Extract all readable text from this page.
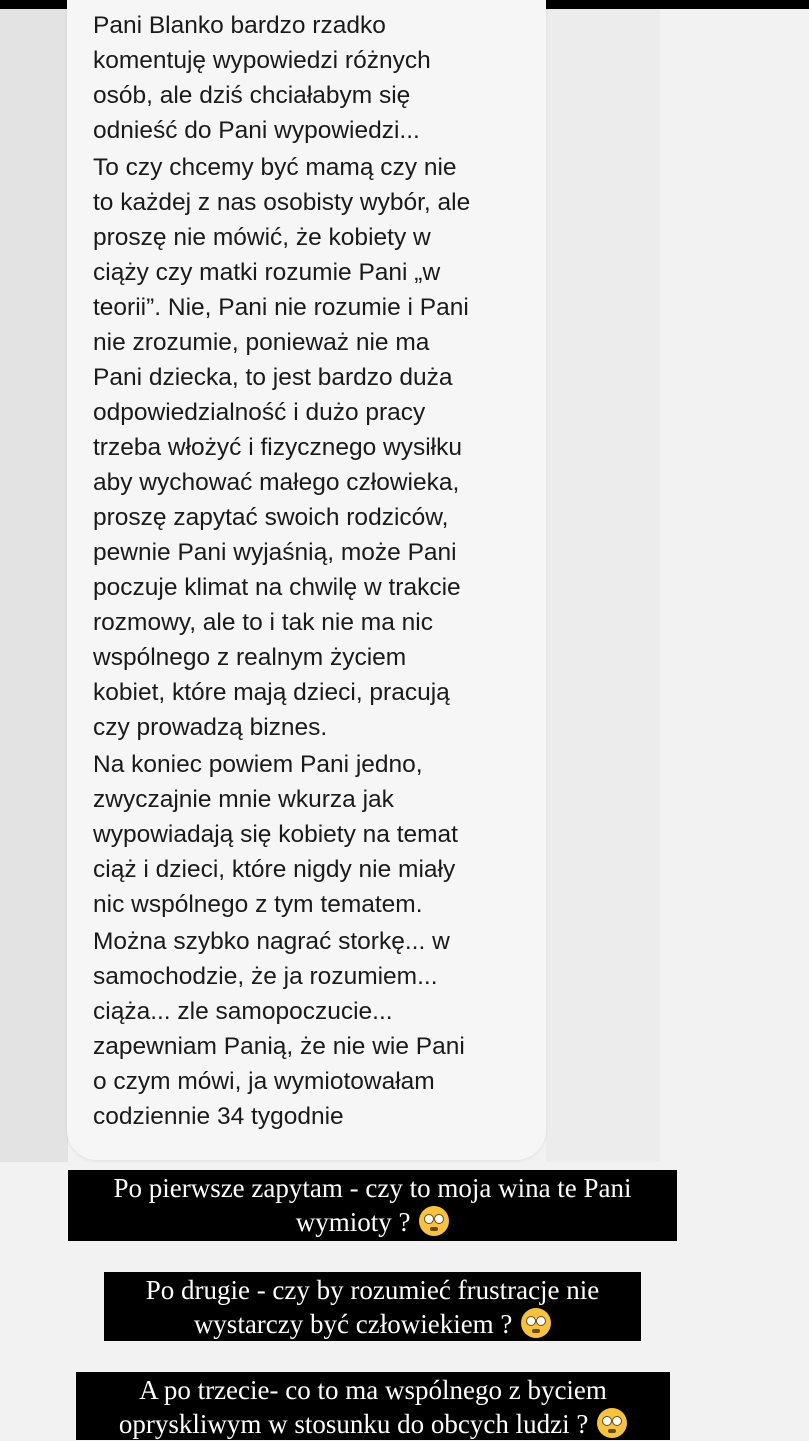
Pani Blanko bardzo rzadko
komentuję wypowiedzi różnych
osób, ale dziś chciałabym się
odnieść do Pani wypowiedzi...

To czy chcemy być mamą czy nie
to każdej z nas osobisty wybór, ale
proszę nie mówić, że kobiety w
ciąży czy matki rozumie Pani „w
teorii”. Nie, Pani nie rozumie i Pani
nie zrozumie, ponieważ nie ma
Pani dziecka, to jest bardzo duża
odpowiedzialność i dużo pracy
trzeba włożyć i fizycznego wysiłku
aby wychować małego człowieka,
proszę zapytać swoich rodziców,
pewnie Pani wyjaśnią, może Pani
poczuje klimat na chwilę w trakcie
rozmowy, ale to i tak nie ma nic
wspólnego z realnym życiem
kobiet, które mają dzieci, pracują
czy prowadzą biznes.

Na koniec powiem Pani jedno,
zwyczajnie mnie wkurza jak
wypowiadają się kobiety na temat
ciąż i dzieci, które nigdy nie miały
nic wspólnego z tym tematem.

Można szybko nagrać storkę... w
samochodzie, że ja rozumiem...
ciąża... zle samopoczucie...
zapewniam Panią, że nie wie Pani
o czym mówi, ja wymiotowałam
codziennie 34 tygodnie

Po pierwsze zapytam - czy to moja wina te Pani
wymioty ?
Po drugie - czy by rozumieć frustracje nie
wystarczy być człowiekiem ?
A po trzecie- co to ma wspólnego z byciem
opryskliwym w stosunku do obcych ludzi ?
